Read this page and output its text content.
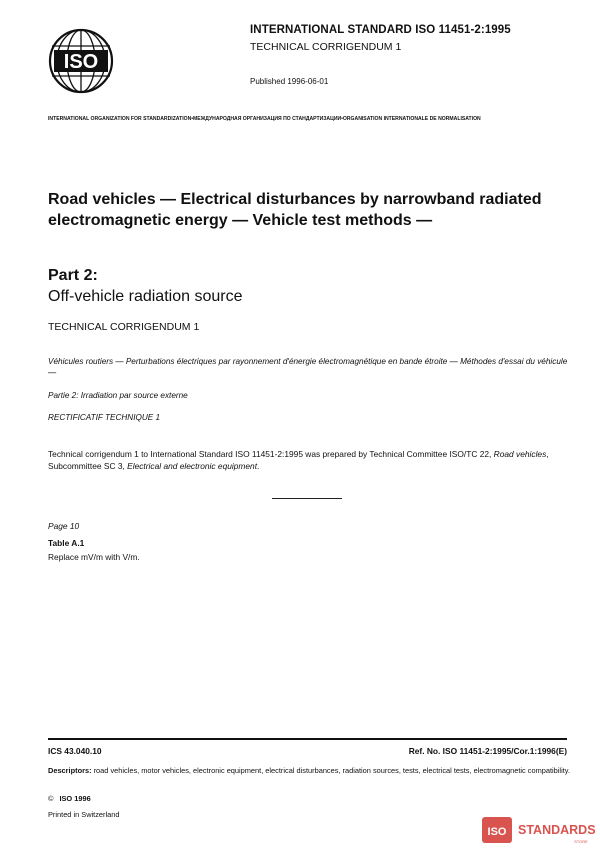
ISO
INTERNATIONAL STANDARD ISO 11451-2:1995
TECHNICAL CORRIGENDUM 1
Published 1996-06-01
INTERNATIONAL ORGANIZATION FOR STANDARDIZATION•МЕЖДУНАРОДНАЯ ОРГАНИЗАЦИЯ ПО СТАНДАРТИЗАЦИИ•ORGANISATION INTERNATIONALE DE NORMALISATION
Road vehicles — Electrical disturbances by narrowband radiated electromagnetic energy — Vehicle test methods —
Part 2:
Off-vehicle radiation source
TECHNICAL CORRIGENDUM 1
Véhicules routiers — Perturbations électriques par rayonnement d'énergie électromagnétique en bande étroite — Méthodes d'essai du véhicule —
Partie 2: Irradiation par source externe
RECTIFICATIF TECHNIQUE 1
Technical corrigendum 1 to International Standard ISO 11451-2:1995 was prepared by Technical Committee ISO/TC 22, Road vehicles, Subcommittee SC 3, Electrical and electronic equipment.
Page 10
Table A.1
Replace mV/m with V/m.
ICS 43.040.10	Ref. No. ISO 11451-2:1995/Cor.1:1996(E)
Descriptors: road vehicles, motor vehicles, electronic equipment, electrical disturbances, radiation sources, tests, electrical tests, electromagnetic compatibility.
© ISO 1996
Printed in Switzerland
ISO STANDARDS
STORE
